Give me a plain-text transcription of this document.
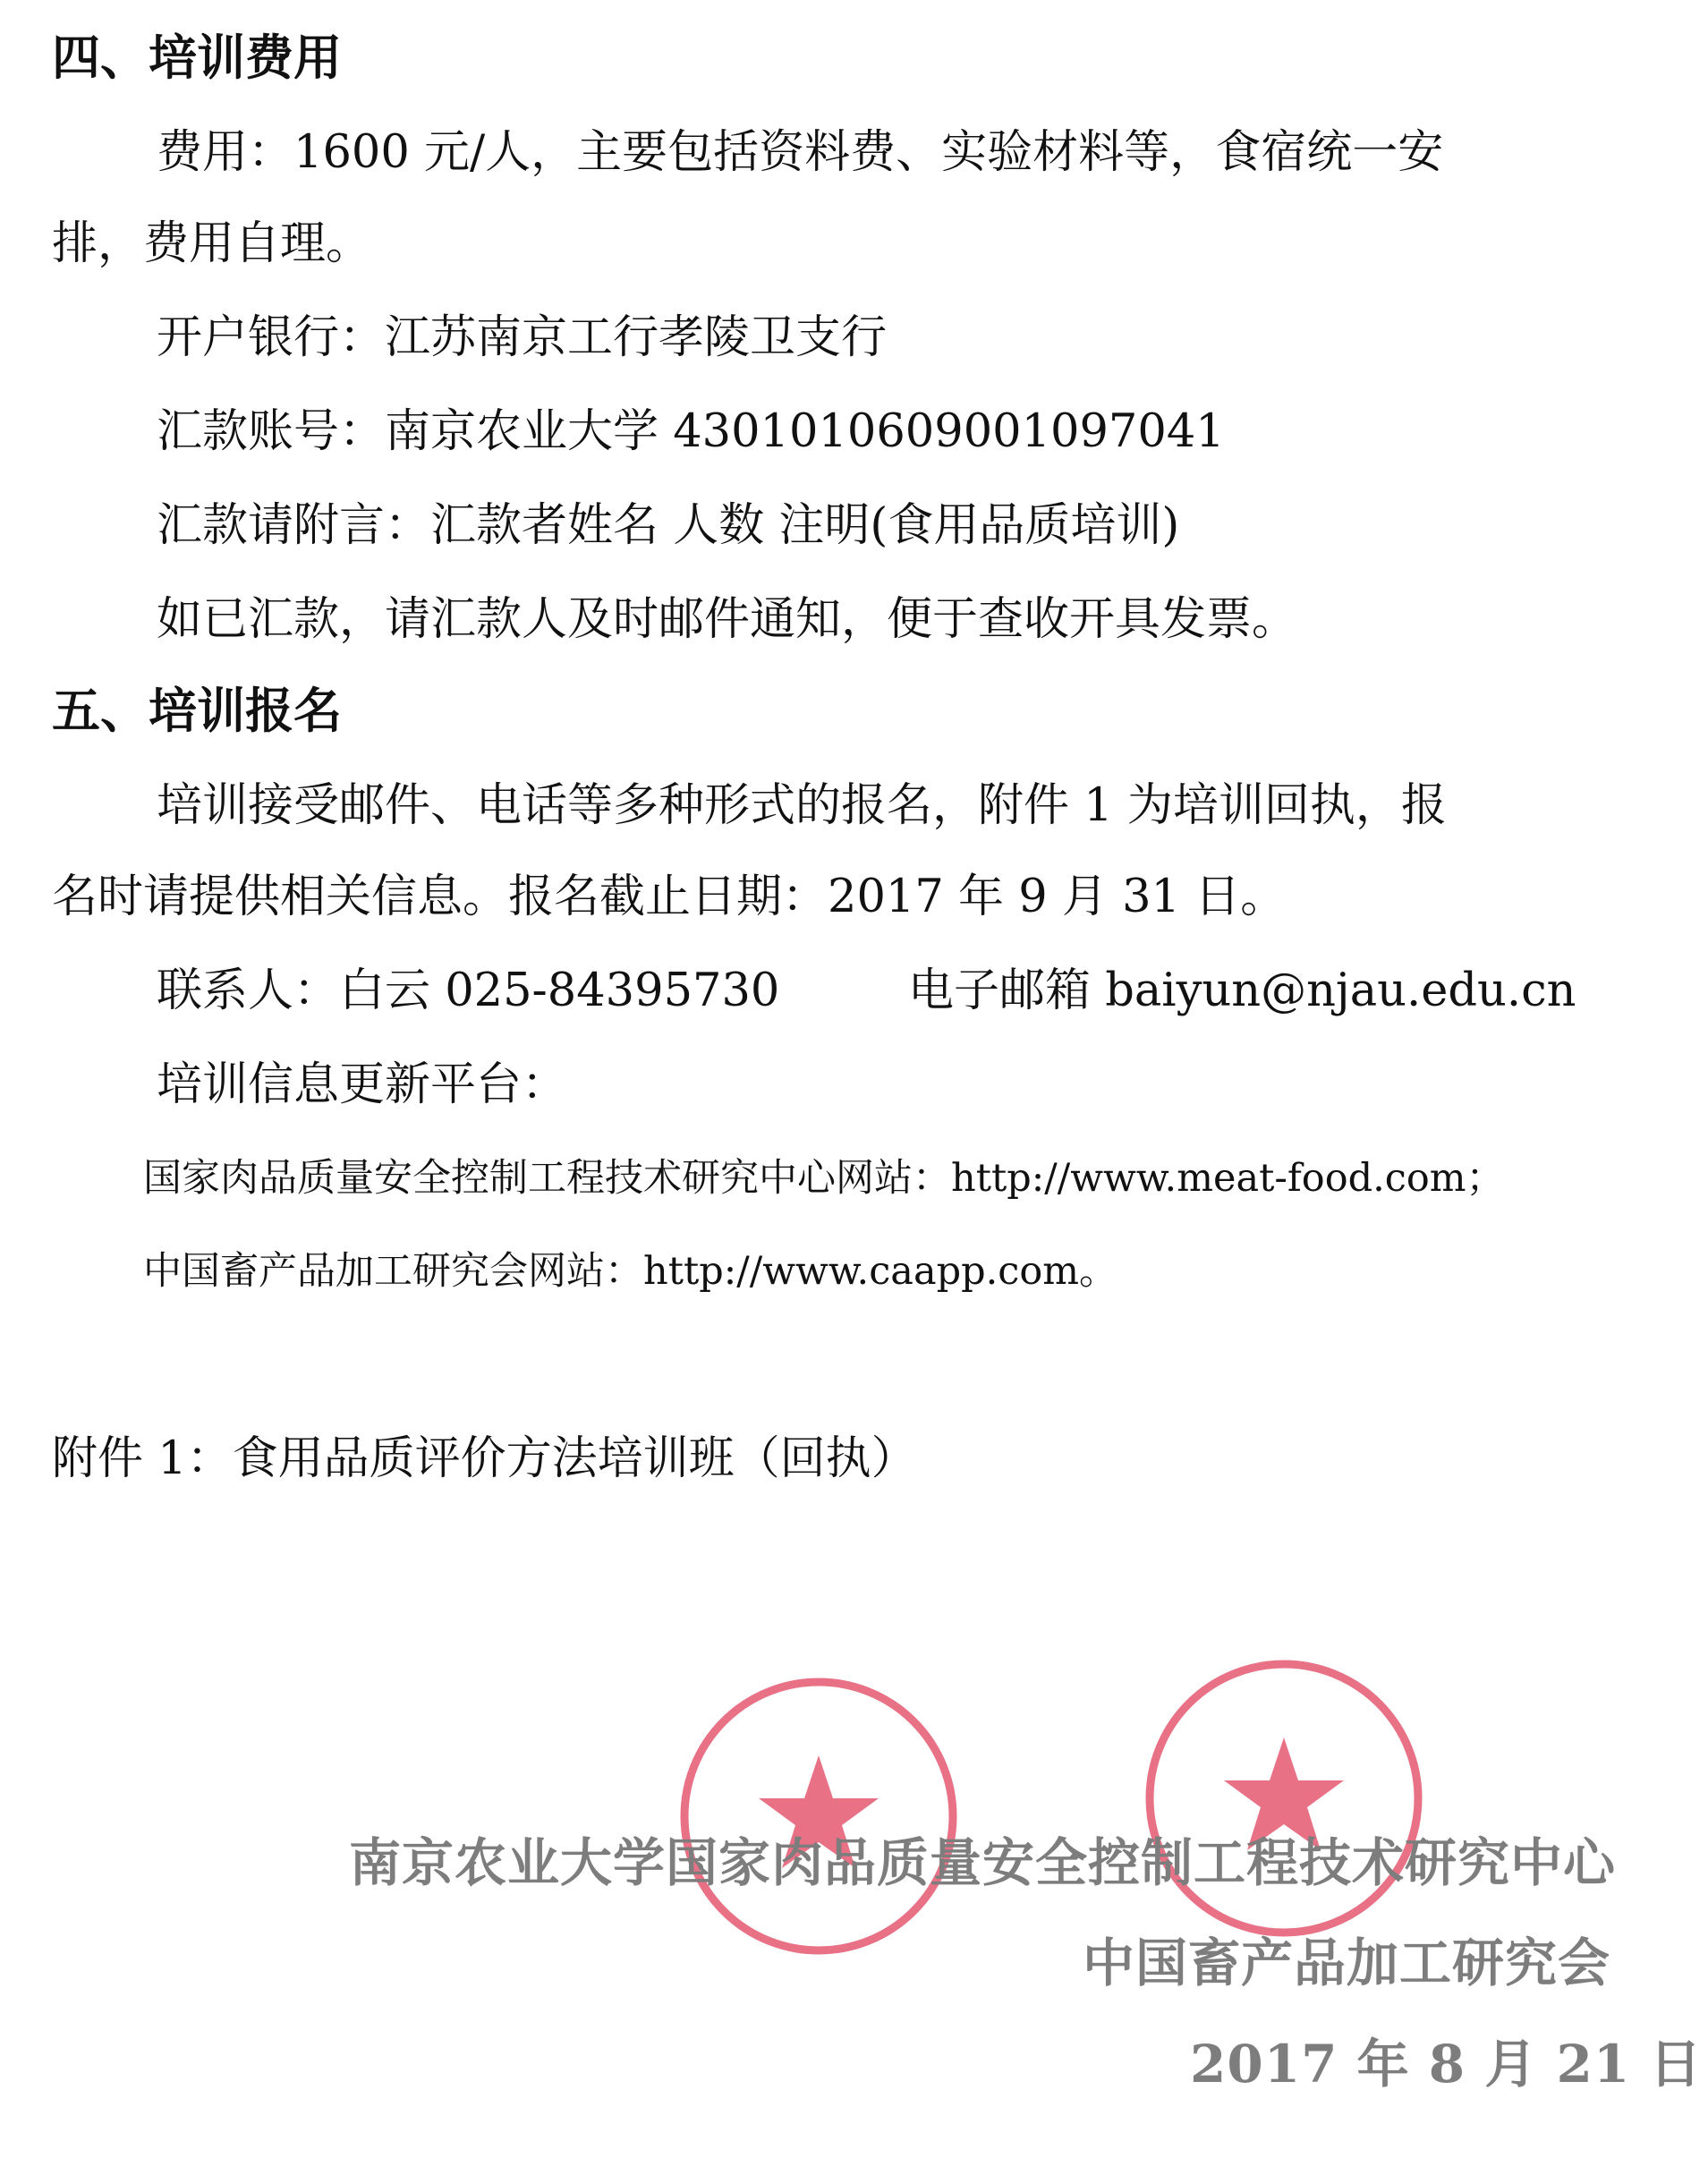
四、培训费用
费用：1600 元/人，主要包括资料费、实验材料等，食宿统一安
排，费用自理。
开户银行：江苏南京工行孝陵卫支行
汇款账号：南京农业大学 4301010609001097041
汇款请附言：汇款者姓名 人数 注明(食用品质培训)
如已汇款，请汇款人及时邮件通知，便于查收开具发票。
五、培训报名
培训接受邮件、电话等多种形式的报名，附件 1 为培训回执，报
名时请提供相关信息。报名截止日期：2017 年 9 月 31 日。
联系人：白云 025-84395730	电子邮箱 baiyun@njau.edu.cn
培训信息更新平台：
国家肉品质量安全控制工程技术研究中心网站：http://www.meat-food.com；
中国畜产品加工研究会网站：http://www.caapp.com。
附件 1：食用品质评价方法培训班（回执）
南京农业大学国家肉品质量安全控制工程技术研究中心
中国畜产品加工研究会
2017 年 8 月 21 日
